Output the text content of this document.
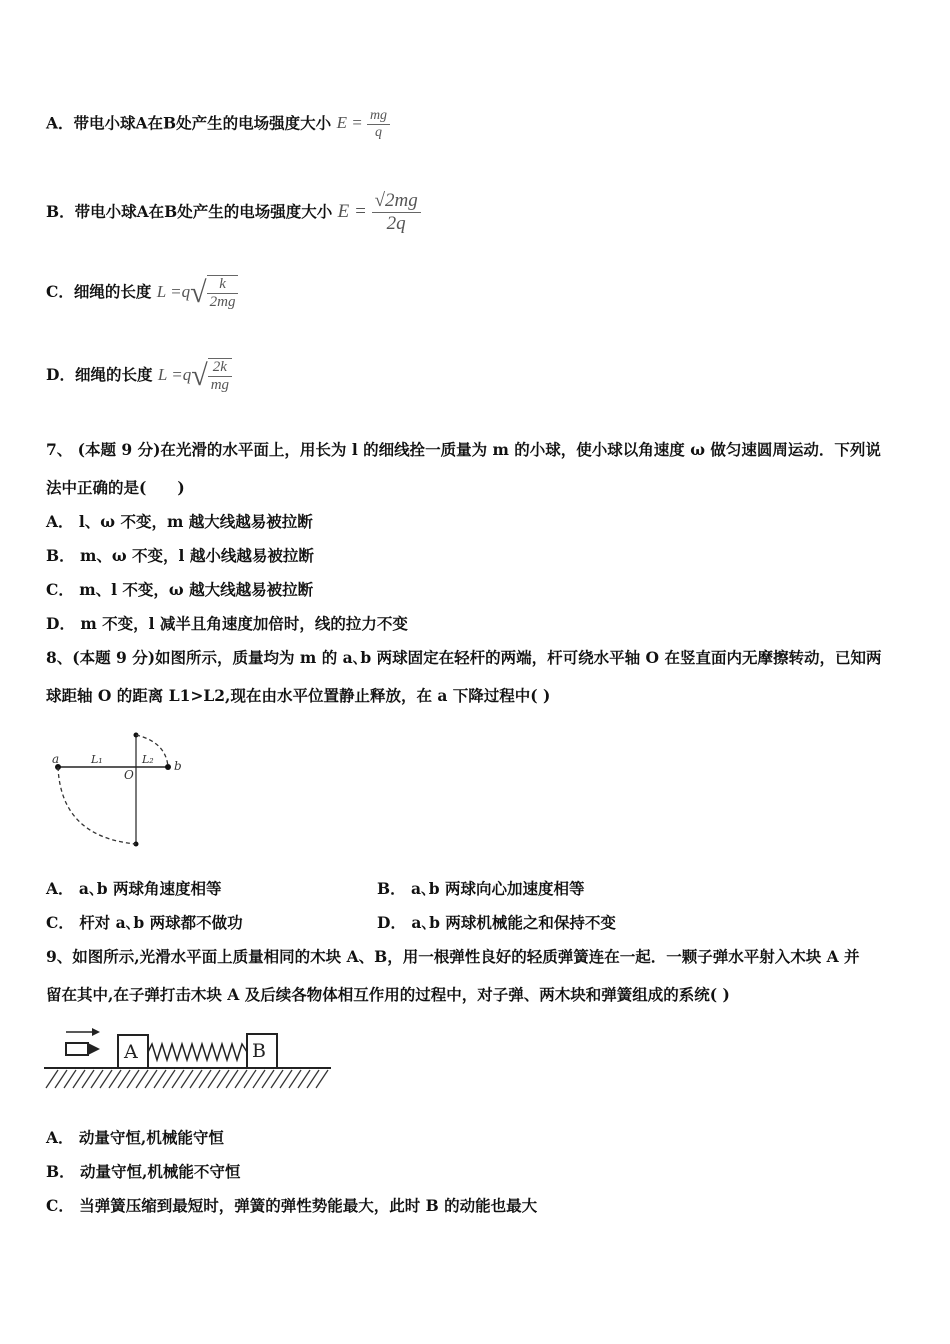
A．带电小球A在B处产生的电场强度大小 $E = \frac{mg}{q}$
B．带电小球A在B处产生的电场强度大小 $E = \frac{√2mg}{2q}$
C．细绳的长度 $L =q√ \frac{k}{2mg}$
D．细绳的长度 $L =q√ \frac{2k}{mg}$
7、 (本题 9 分)在光滑的水平面上，用长为 l 的细线拴一质量为 m 的小球，使小球以角速度 ω 做匀速圆周运动．下列说
法中正确的是(　　)
A． l、ω 不变，m 越大线越易被拉断
B． m、ω 不变，l 越小线越易被拉断
C． m、l 不变，ω 越大线越易被拉断
D． m 不变，l 减半且角速度加倍时，线的拉力不变
8、(本题 9 分)如图所示，质量均为 m 的 a､b 两球固定在轻杆的两端，杆可绕水平轴 O 在竖直面内无摩擦转动，已知两
球距轴 O 的距离 L1>L2,现在由水平位置静止释放，在 a 下降过程中( )
a	L₁	L₂ b
O
A． a､b 两球角速度相等	B． a､b 两球向心加速度相等
C． 杆对 a､b 两球都不做功	D． a､b 两球机械能之和保持不变
9、如图所示,光滑水平面上质量相同的木块 A、B，用一根弹性良好的轻质弹簧连在一起．一颗子弹水平射入木块 A 并
留在其中,在子弹打击木块 A 及后续各物体相互作用的过程中，对子弹、两木块和弹簧组成的系统( )
A	B
A． 动量守恒,机械能守恒
B． 动量守恒,机械能不守恒
C． 当弹簧压缩到最短时，弹簧的弹性势能最大，此时 B 的动能也最大
